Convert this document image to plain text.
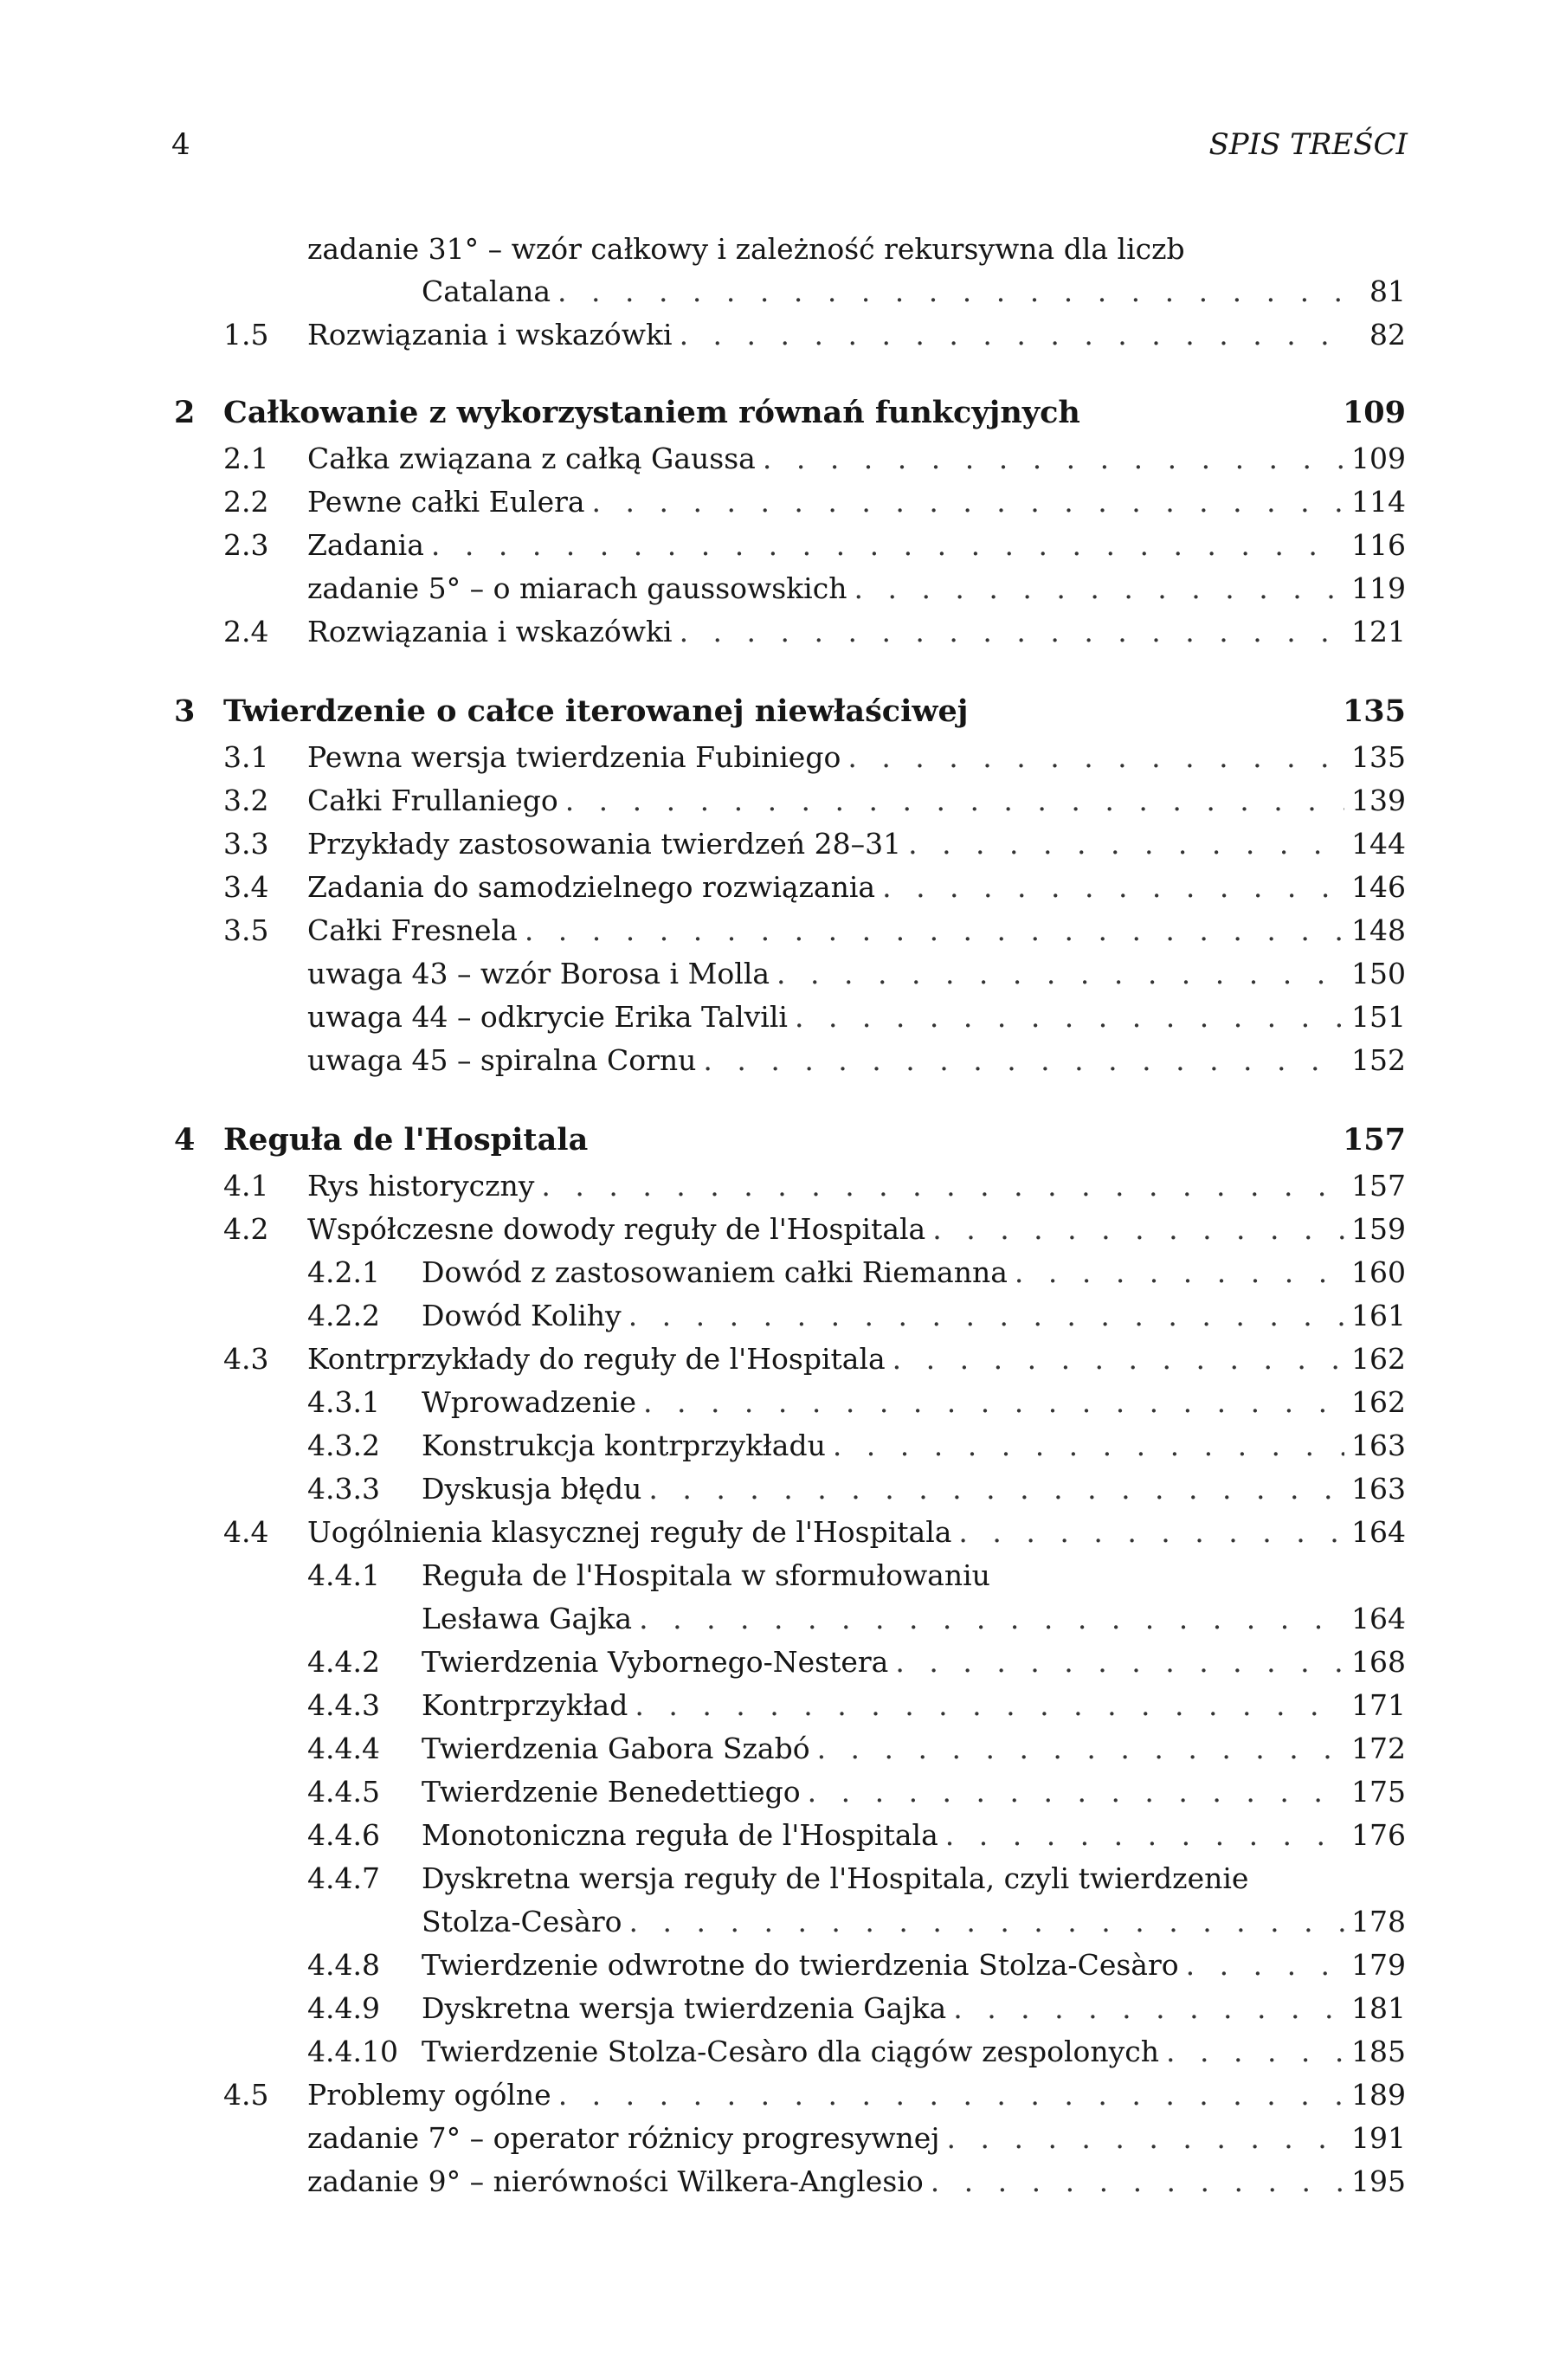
4	SPIS TREŚCI
zadanie 31° – wzór całkowy i zależność rekursywna dla liczb
Catalana . . .	81
1.5 Rozwiązania i wskazówki . . .	82
2 Całkowanie z wykorzystaniem równań funkcyjnych	109
2.1 Całka związana z całką Gaussa . . .	109
2.2 Pewne całki Eulera . . .	114
2.3 Zadania . . .	116
zadanie 5° – o miarach gaussowskich . . .	119
2.4 Rozwiązania i wskazówki . . .	121
3 Twierdzenie o całce iterowanej niewłaściwej	135
3.1 Pewna wersja twierdzenia Fubiniego . . .	135
3.2 Całki Frullaniego . . .	139
3.3 Przykłady zastosowania twierdzeń 28–31 . . .	144
3.4 Zadania do samodzielnego rozwiązania . . .	146
3.5 Całki Fresnela . . .	148
uwaga 43 – wzór Borosa i Molla . . .	150
uwaga 44 – odkrycie Erika Talvili . . .	151
uwaga 45 – spiralna Cornu . . .	152
4 Reguła de l'Hospitala	157
4.1 Rys historyczny . . .	157
4.2 Współczesne dowody reguły de l'Hospitala . . .	159
4.2.1 Dowód z zastosowaniem całki Riemanna . . .	160
4.2.2 Dowód Kolihy . . .	161
4.3 Kontrprzykłady do reguły de l'Hospitala . . .	162
4.3.1 Wprowadzenie . . .	162
4.3.2 Konstrukcja kontrprzykładu . . .	163
4.3.3 Dyskusja błędu . . .	163
4.4 Uogólnienia klasycznej reguły de l'Hospitala . . .	164
4.4.1 Reguła de l'Hospitala w sformułowaniu
Lesława Gajka . . .	164
4.4.2 Twierdzenia Vybornego-Nestera . . .	168
4.4.3 Kontrprzykład . . .	171
4.4.4 Twierdzenia Gabora Szabó . . .	172
4.4.5 Twierdzenie Benedettiego . . .	175
4.4.6 Monotoniczna reguła de l'Hospitala . . .	176
4.4.7 Dyskretna wersja reguły de l'Hospitala, czyli twierdzenie
Stolza-Cesàro . . .	178
4.4.8 Twierdzenie odwrotne do twierdzenia Stolza-Cesàro . . .	179
4.4.9 Dyskretna wersja twierdzenia Gajka . . .	181
4.4.10 Twierdzenie Stolza-Cesàro dla ciągów zespolonych . . .	185
4.5 Problemy ogólne . . .	189
zadanie 7° – operator różnicy progresywnej . . .	191
zadanie 9° – nierówności Wilkera-Anglesio . . .	195
